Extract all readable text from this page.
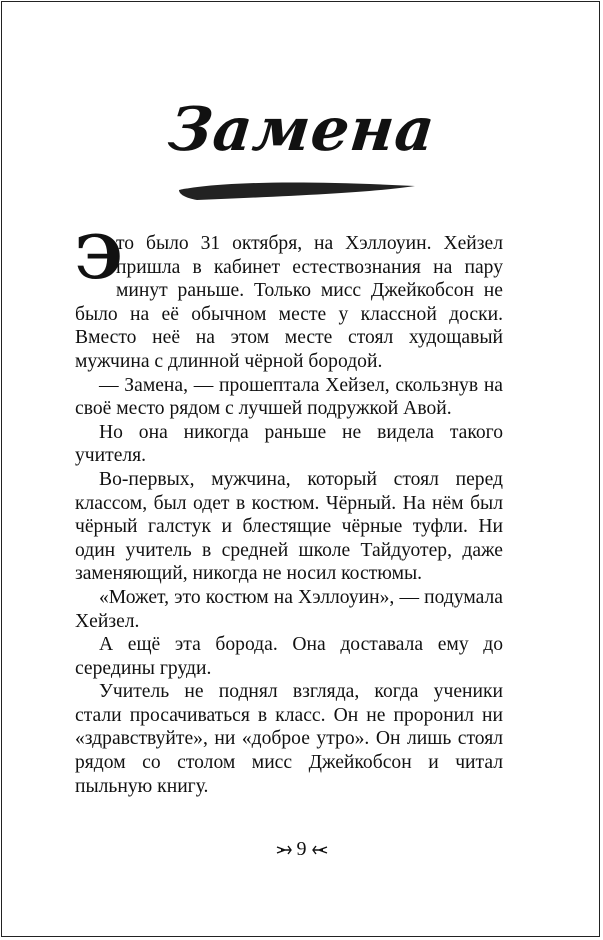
Замена

Э
то было 31 октября, на Хэллоуин. Хейзел пришла в кабинет естествознания на пару минут раньше. Только мисс Джейкобсон не было на её обычном месте у классной доски. Вместо неё на этом месте стоял худощавый мужчина с длинной чёрной бородой.

— Замена, — прошептала Хейзел, скользнув на своё место рядом с лучшей подружкой Авой.

Но она никогда раньше не видела такого учителя.

Во-первых, мужчина, который стоял перед классом, был одет в костюм. Чёрный. На нём был чёрный галстук и блестящие чёрные туфли. Ни один учитель в средней школе Тайдуотер, даже заменяющий, никогда не носил костюмы.

«Может, это костюм на Хэллоуин», — подумала Хейзел.

А ещё эта борода. Она доставала ему до середины груди.

Учитель не поднял взгляда, когда ученики стали просачиваться в класс. Он не проронил ни «здравствуйте», ни «доброе утро». Он лишь стоял рядом со столом мисс Джейкобсон и читал пыльную книгу.

9
